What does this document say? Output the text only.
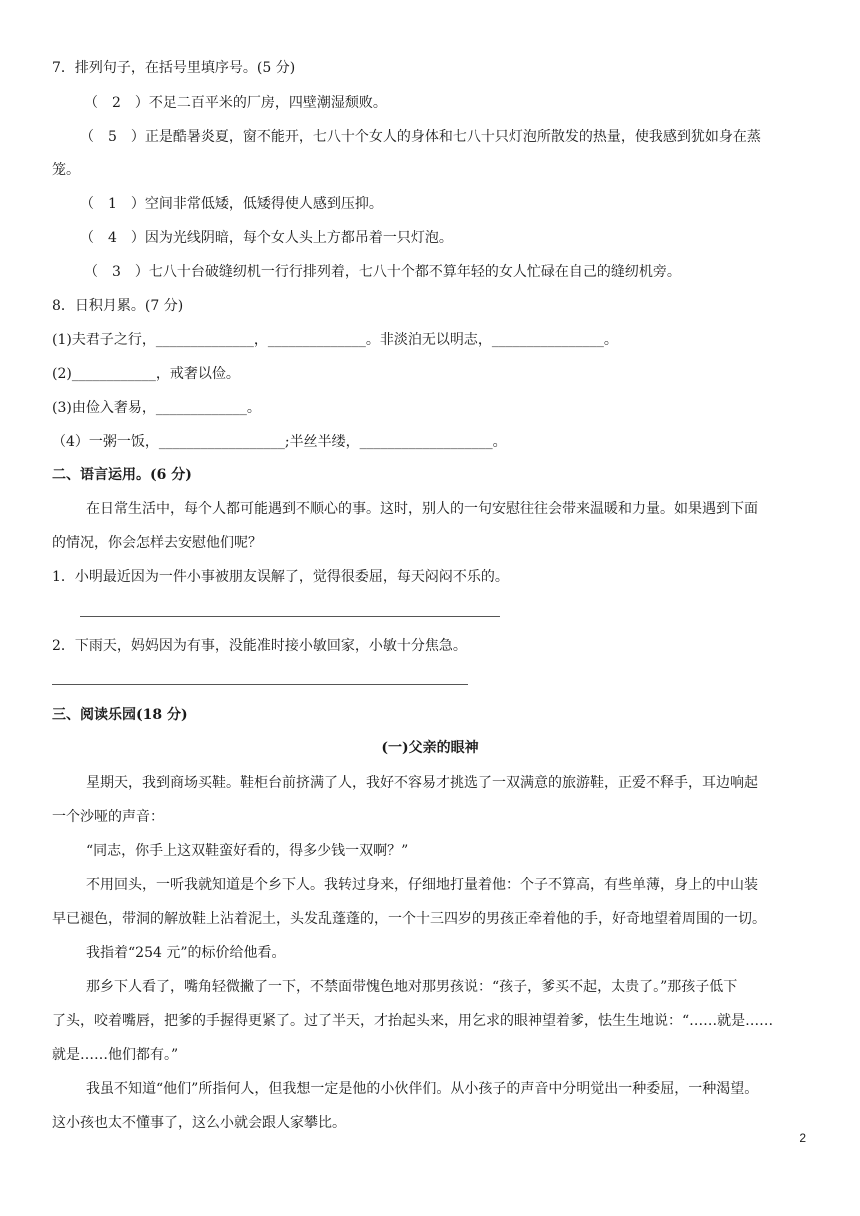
7．排列句子，在括号里填序号。(5 分)
（　2　）不足二百平米的厂房，四壁潮湿颓败。
（　5　）正是酷暑炎夏，窗不能开，七八十个女人的身体和七八十只灯泡所散发的热量，使我感到犹如身在蒸
笼。
（　1　）空间非常低矮，低矮得使人感到压抑。
（　4　）因为光线阴暗，每个女人头上方都吊着一只灯泡。
（　3　）七八十台破缝纫机一行行排列着，七八十个都不算年轻的女人忙碌在自己的缝纫机旁。
8．日积月累。(7 分)
(1)夫君子之行，______________，______________。非淡泊无以明志，________________。
(2)____________，戒奢以俭。
(3)由俭入奢易，_____________。
（4）一粥一饭，__________________;半丝半缕，___________________。
二、语言运用。(6 分)
在日常生活中，每个人都可能遇到不顺心的事。这时，别人的一句安慰往往会带来温暖和力量。如果遇到下面
的情况，你会怎样去安慰他们呢？
1．小明最近因为一件小事被朋友误解了，觉得很委屈，每天闷闷不乐的。
2．下雨天，妈妈因为有事，没能准时接小敏回家，小敏十分焦急。
三、阅读乐园(18 分)
(一)父亲的眼神
星期天，我到商场买鞋。鞋柜台前挤满了人，我好不容易才挑选了一双满意的旅游鞋，正爱不释手，耳边响起
一个沙哑的声音：
“同志，你手上这双鞋蛮好看的，得多少钱一双啊？”
不用回头，一听我就知道是个乡下人。我转过身来，仔细地打量着他：个子不算高，有些单薄，身上的中山装
早已褪色，带洞的解放鞋上沾着泥土，头发乱蓬蓬的，一个十三四岁的男孩正牵着他的手，好奇地望着周围的一切。
我指着“254 元”的标价给他看。
那乡下人看了，嘴角轻微撇了一下，不禁面带愧色地对那男孩说：“孩子，爹买不起，太贵了。”那孩子低下
了头，咬着嘴唇，把爹的手握得更紧了。过了半天，才抬起头来，用乞求的眼神望着爹，怯生生地说：“……就是……
就是……他们都有。”
我虽不知道“他们”所指何人，但我想一定是他的小伙伴们。从小孩子的声音中分明觉出一种委屈，一种渴望。
这小孩也太不懂事了，这么小就会跟人家攀比。
2
